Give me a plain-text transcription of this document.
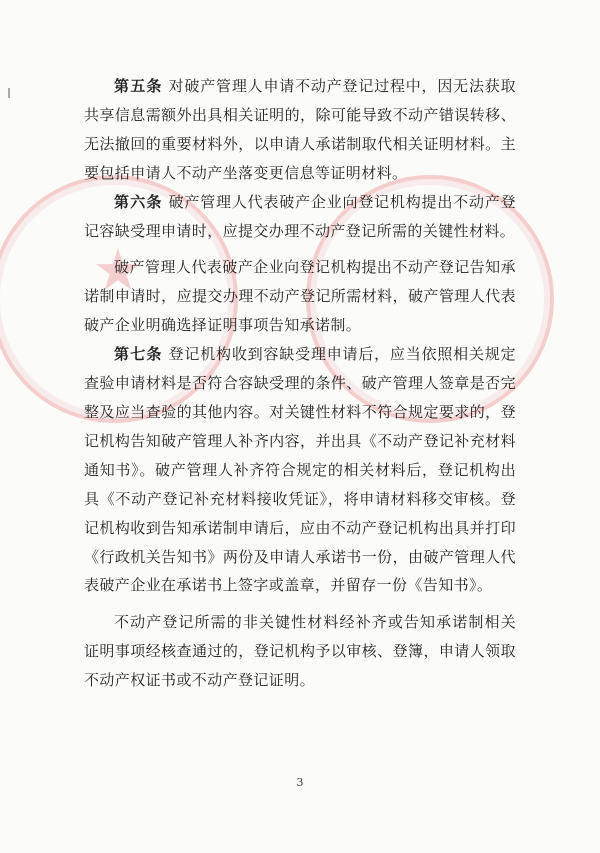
第五条 对破产管理人申请不动产登记过程中，因无法获取共享信息需额外出具相关证明的，除可能导致不动产错误转移、无法撤回的重要材料外，以申请人承诺制取代相关证明材料。主要包括申请人不动产坐落变更信息等证明材料。

第六条 破产管理人代表破产企业向登记机构提出不动产登记容缺受理申请时，应提交办理不动产登记所需的关键性材料。

破产管理人代表破产企业向登记机构提出不动产登记告知承诺制申请时，应提交办理不动产登记所需材料，破产管理人代表破产企业明确选择证明事项告知承诺制。

第七条 登记机构收到容缺受理申请后，应当依照相关规定查验申请材料是否符合容缺受理的条件、破产管理人签章是否完整及应当查验的其他内容。对关键性材料不符合规定要求的，登记机构告知破产管理人补齐内容，并出具《不动产登记补充材料通知书》。破产管理人补齐符合规定的相关材料后，登记机构出具《不动产登记补充材料接收凭证》，将申请材料移交审核。登记机构收到告知承诺制申请后，应由不动产登记机构出具并打印《行政机关告知书》两份及申请人承诺书一份，由破产管理人代表破产企业在承诺书上签字或盖章，并留存一份《告知书》。

不动产登记所需的非关键性材料经补齐或告知承诺制相关 证明事项经核查通过的，登记机构予以审核、登簿，申请人领取不动产权证书或不动产登记证明。

3
